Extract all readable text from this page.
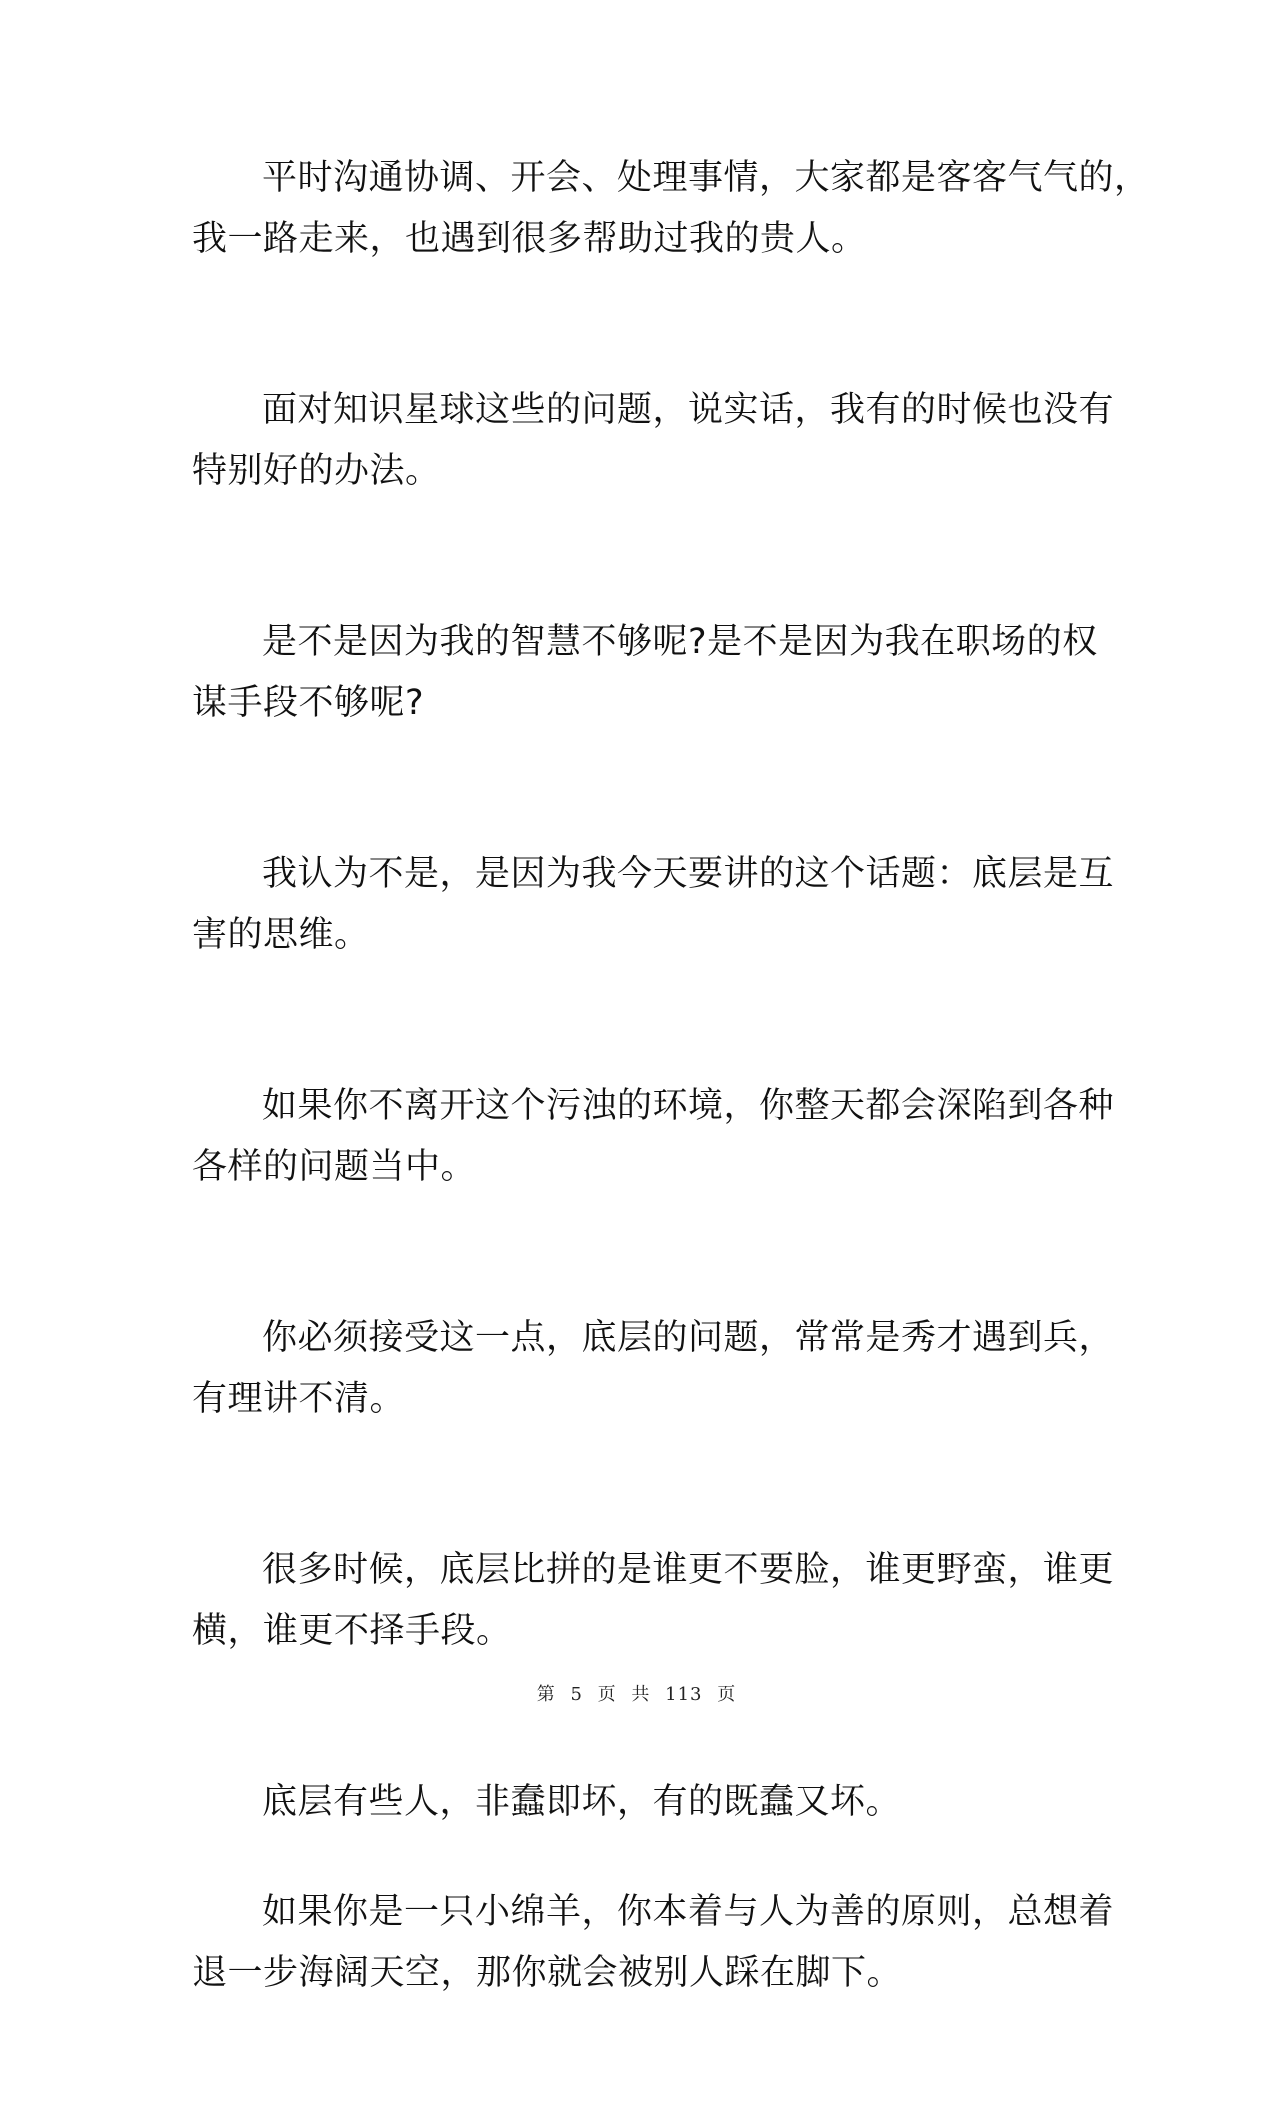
平时沟通协调、开会、处理事情，大家都是客客气气的，
我一路走来，也遇到很多帮助过我的贵人。

面对知识星球这些的问题，说实话，我有的时候也没有
特别好的办法。

是不是因为我的智慧不够呢?是不是因为我在职场的权
谋手段不够呢?

我认为不是，是因为我今天要讲的这个话题：底层是互
害的思维。

如果你不离开这个污浊的环境，你整天都会深陷到各种
各样的问题当中。

你必须接受这一点，底层的问题，常常是秀才遇到兵，
有理讲不清。

很多时候，底层比拼的是谁更不要脸，谁更野蛮，谁更
横，谁更不择手段。

底层有些人，非蠢即坏，有的既蠢又坏。

如果你是一只小绵羊，你本着与人为善的原则，总想着
退一步海阔天空，那你就会被别人踩在脚下。

第 5 页 共 113 页
